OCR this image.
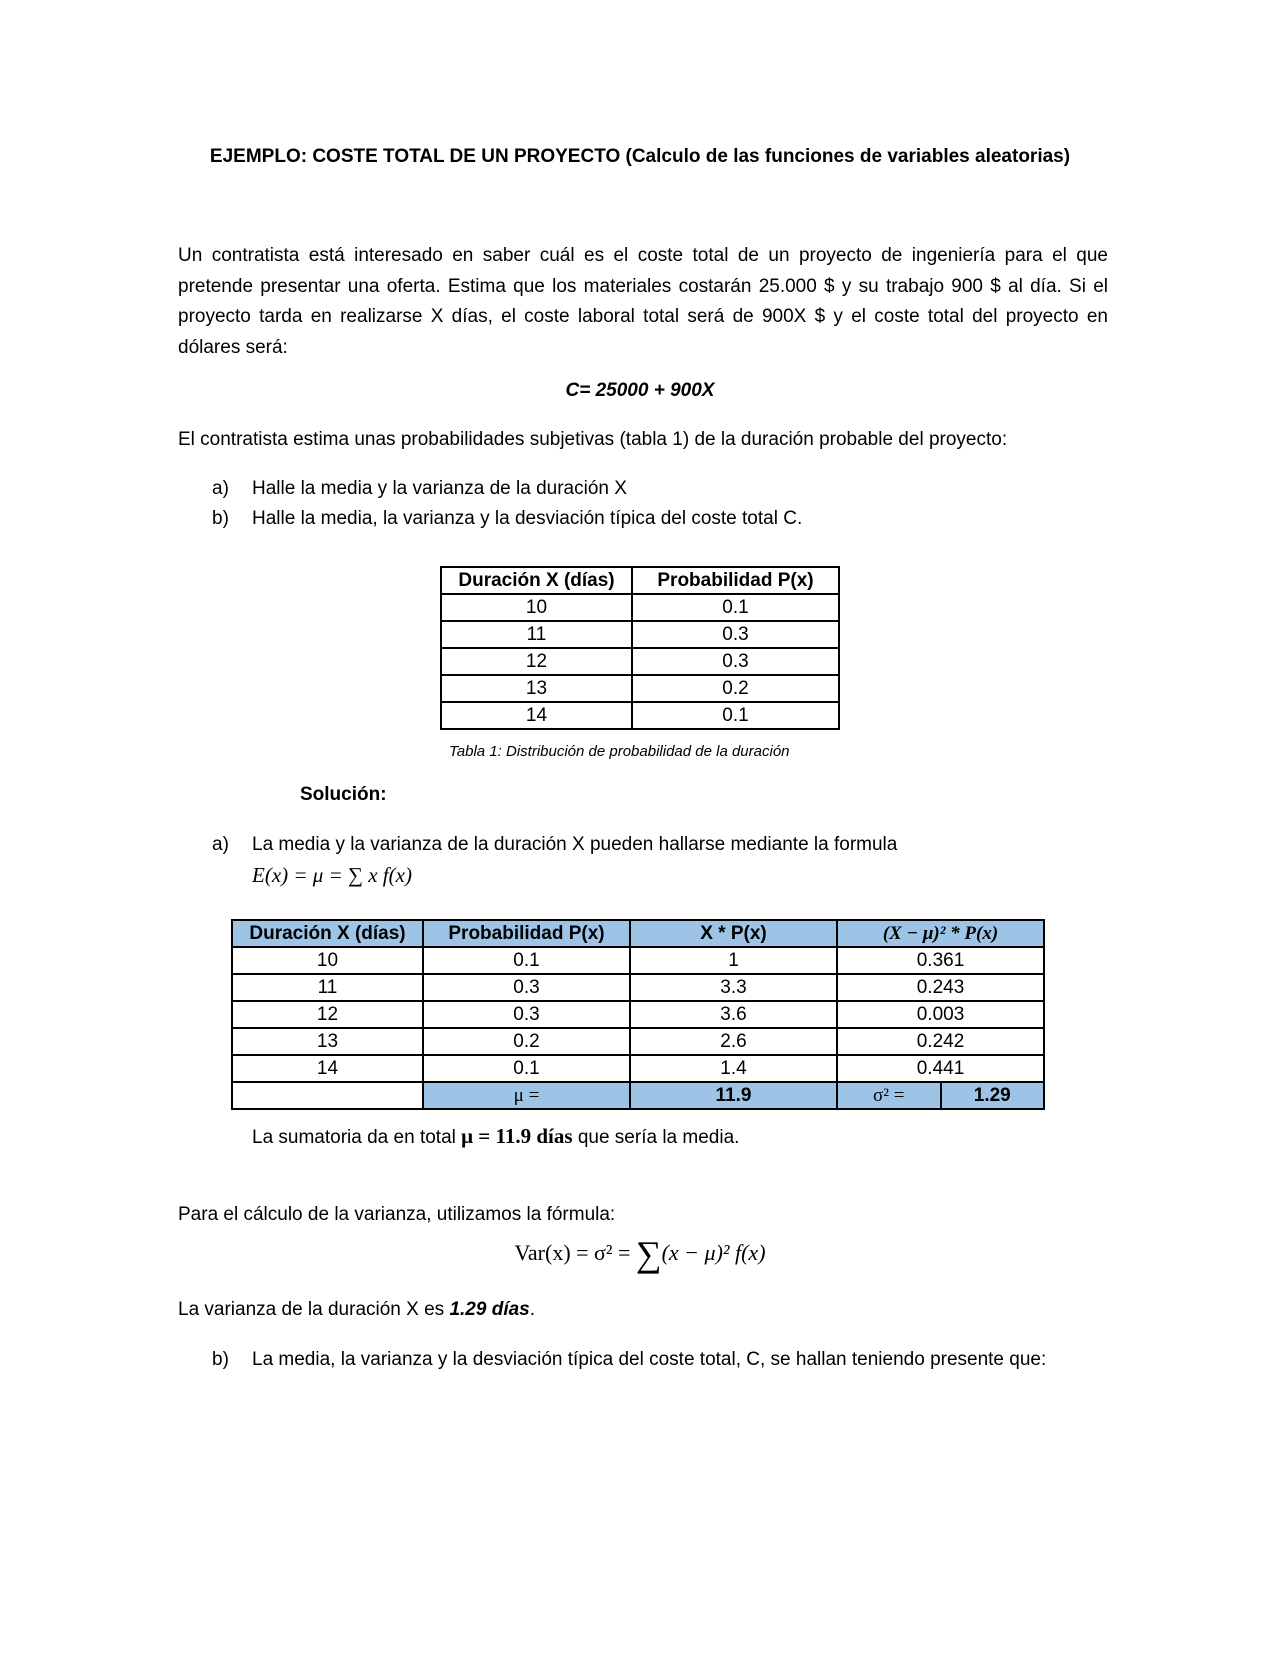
EJEMPLO: COSTE TOTAL DE UN PROYECTO (Calculo de las funciones de variables aleatorias)
Un contratista está interesado en saber cuál es el coste total de un proyecto de ingeniería para el que pretende presentar una oferta. Estima que los materiales costarán 25.000 $ y su trabajo 900 $ al día. Si el proyecto tarda en realizarse X días, el coste laboral total será de 900X $ y el coste total del proyecto en dólares será:
C= 25000 + 900X
El contratista estima unas probabilidades subjetivas (tabla 1) de la duración probable del proyecto:
a) Halle la media y la varianza de la duración X
b) Halle la media, la varianza y la desviación típica del coste total C.
Duración X (días)	Probabilidad P(x)
10	0.1
11	0.3
12	0.3
13	0.2
14	0.1
Tabla 1: Distribución de probabilidad de la duración
Solución:
a) La media y la varianza de la duración X pueden hallarse mediante la formula
E(x) = μ = ∑ x f(x)
Duración X (días)	Probabilidad P(x)	X * P(x)	(X − μ)² * P(x)
10	0.1	1	0.361
11	0.3	3.3	0.243
12	0.3	3.6	0.003
13	0.2	2.6	0.242
14	0.1	1.4	0.441
	μ =	11.9	σ² = 1.29
La sumatoria da en total μ = 11.9 días que sería la media.
Para el cálculo de la varianza, utilizamos la fórmula:
Var(x) = σ² = ∑(x − μ)² f(x)
La varianza de la duración X es 1.29 días.
b) La media, la varianza y la desviación típica del coste total, C, se hallan teniendo presente que:
